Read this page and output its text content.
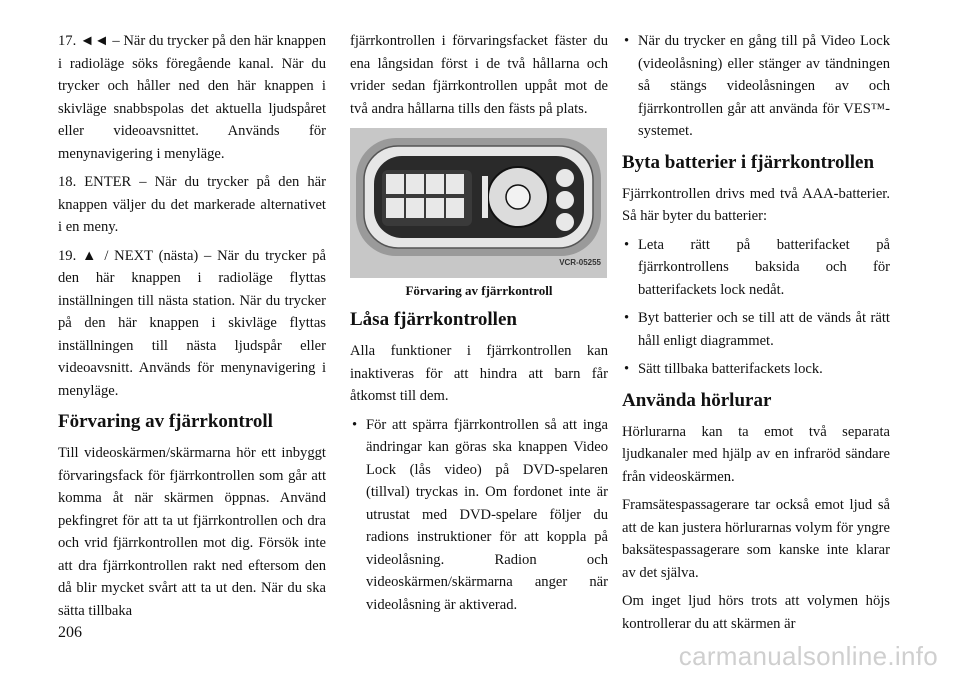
17. ◄◄ – När du trycker på den här knappen i radioläge söks föregående kanal. När du trycker och håller ned den här knappen i skivläge snabbspolas det aktuella ljudspåret eller videoavsnittet. Används för menynavigering i menyläge.

18. ENTER – När du trycker på den här knappen väljer du det markerade alternativet i en meny.

19. ▲ / NEXT (nästa) – När du trycker på den här knappen i radioläge flyttas inställningen till nästa station. När du trycker på den här knappen i skivläge flyttas inställningen till nästa ljudspår eller videoavsnitt. Används för menynavigering i menyläge.

Förvaring av fjärrkontroll

Till videoskärmen/skärmarna hör ett inbyggt förvaringsfack för fjärrkontrollen som går att komma åt när skärmen öppnas. Använd pekfingret för att ta ut fjärrkontrollen och dra och vrid fjärrkontrollen mot dig. Försök inte att dra fjärrkontrollen rakt ned eftersom den då blir mycket svårt att ta ut den. När du ska sätta tillbaka

fjärrkontrollen i förvaringsfacket fäster du ena långsidan först i de två hållarna och vrider sedan fjärrkontrollen uppåt mot de två andra hållarna tills den fästs på plats.

VCR-05255
Förvaring av fjärrkontroll
Låsa fjärrkontrollen

Alla funktioner i fjärrkontrollen kan inaktiveras för att hindra att barn får åtkomst till dem.

• För att spärra fjärrkontrollen så att inga ändringar kan göras ska knappen Video Lock (lås video) på DVD-spelaren (tillval) tryckas in. Om fordonet inte är utrustat med DVD-spelare följer du radions instruktioner för att koppla på videolåsning. Radion och videoskärmen/skärmarna anger när videolåsning är aktiverad.
• När du trycker en gång till på Video Lock (videolåsning) eller stänger av tändningen så stängs videolåsningen av och fjärrkontrollen går att använda för VES™-systemet.
Byta batterier i fjärrkontrollen

Fjärrkontrollen drivs med två AAA-batterier. Så här byter du batterier:

• Leta rätt på batterifacket på fjärrkontrollens baksida och för batterifackets lock nedåt.
• Byt batterier och se till att de vänds åt rätt håll enligt diagrammet.
• Sätt tillbaka batterifackets lock.
Använda hörlurar

Hörlurarna kan ta emot två separata ljudkanaler med hjälp av en infraröd sändare från videoskärmen.

Framsätespassagerare tar också emot ljud så att de kan justera hörlurarnas volym för yngre baksätespassagerare som kanske inte klarar av det själva.

Om inget ljud hörs trots att volymen höjs kontrollerar du att skärmen är

206
carmanualsonline.info
